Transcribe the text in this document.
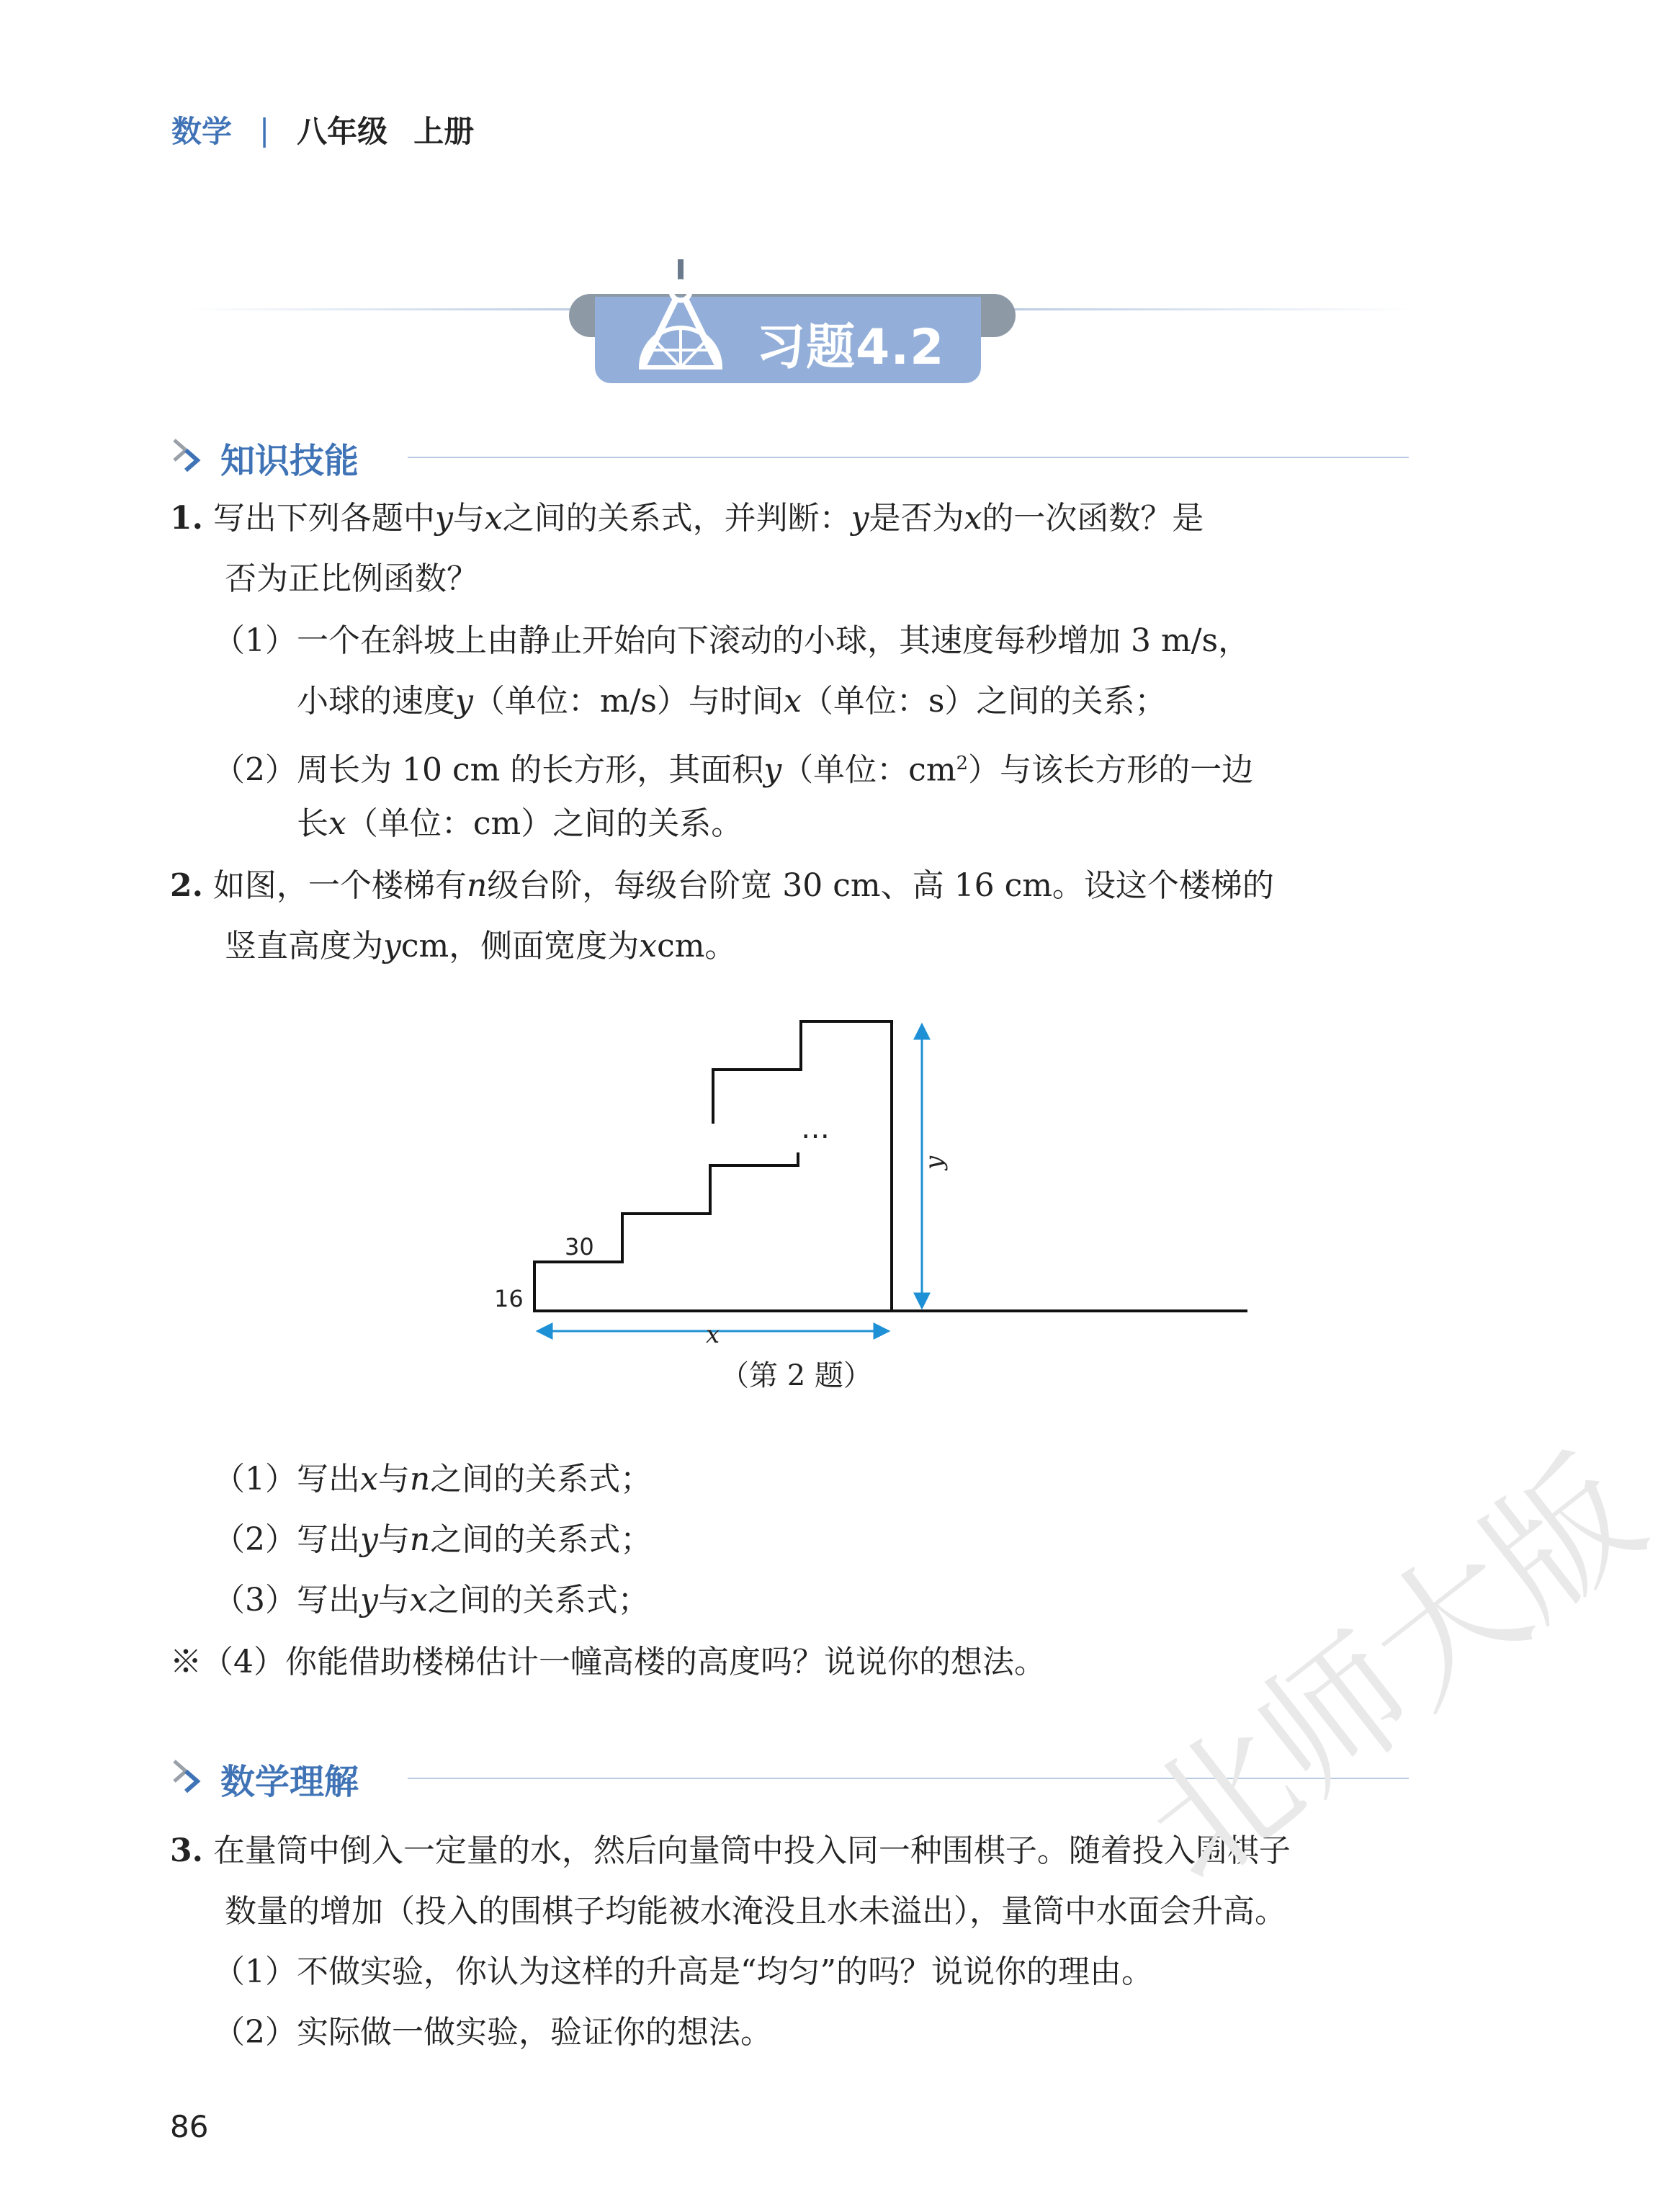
数学 | 八年级 上册
习题4.2
知识技能
1. 写出下列各题中y与x之间的关系式，并判断：y是否为x的一次函数？是
否为正比例函数？
（1）一个在斜坡上由静止开始向下滚动的小球，其速度每秒增加 3 m/s，
小球的速度y（单位：m/s）与时间x（单位：s）之间的关系；
（2）周长为 10 cm 的长方形，其面积y（单位：$cm^2$）与该长方形的一边
长x（单位：cm）之间的关系。
2. 如图，一个楼梯有n级台阶，每级台阶宽 30 cm、高 16 cm。设这个楼梯的
竖直高度为ycm，侧面宽度为xcm。
30
16
x
y
…
（第 2 题）
（1）写出x与n之间的关系式；
（2）写出y与n之间的关系式；
（3）写出y与x之间的关系式；
※（4）你能借助楼梯估计一幢高楼的高度吗？说说你的想法。
数学理解
3. 在量筒中倒入一定量的水，然后向量筒中投入同一种围棋子。随着投入围棋子
数量的增加（投入的围棋子均能被水淹没且水未溢出），量筒中水面会升高。
（1）不做实验，你认为这样的升高是“均匀”的吗？说说你的理由。
（2）实际做一做实验，验证你的想法。
北师大版
86
